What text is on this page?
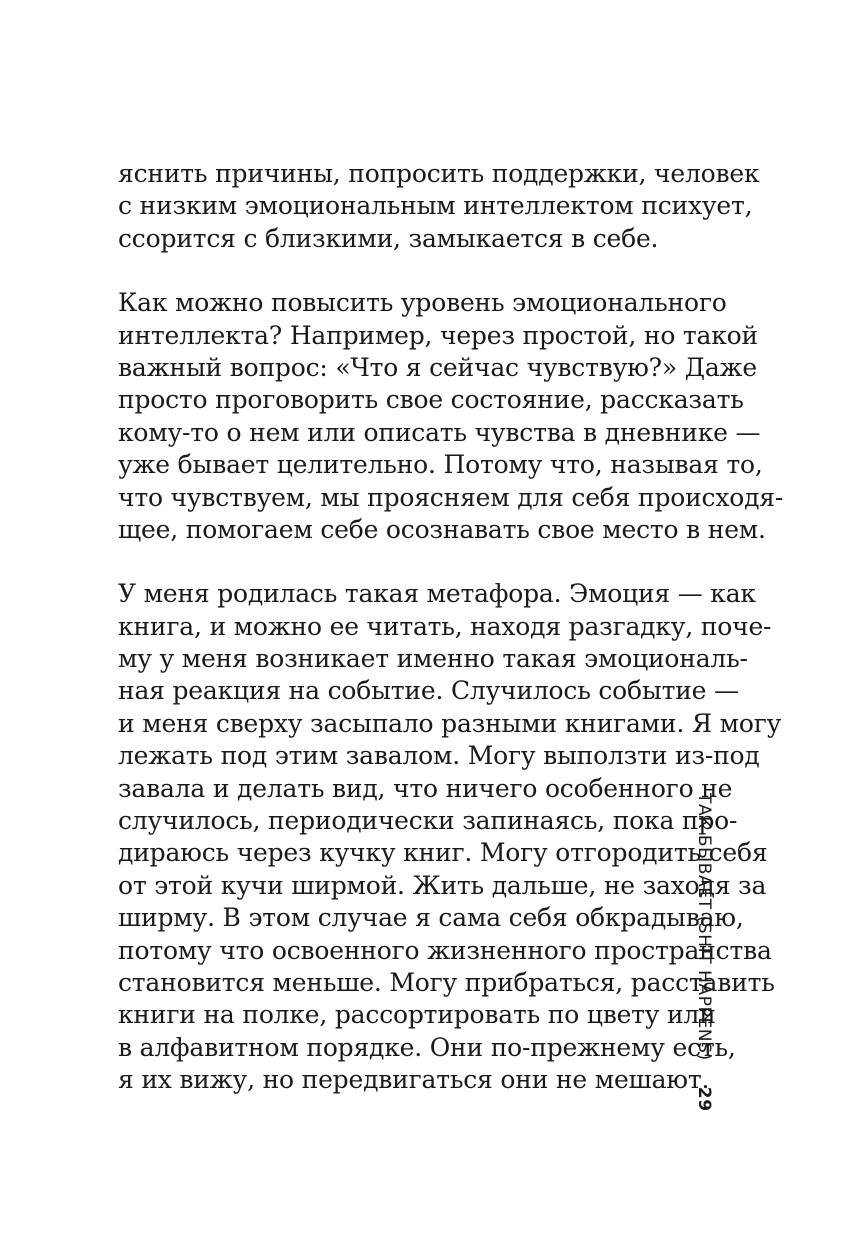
яснить причины, попросить поддержки, человек
с низким эмоциональным интеллектом психует,
ссорится с близкими, замыкается в себе.

Как можно повысить уровень эмоционального
интеллекта? Например, через простой, но такой
важный вопрос: «Что я сейчас чувствую?» Даже
просто проговорить свое состояние, рассказать
кому-то о нем или описать чувства в дневнике —
уже бывает целительно. Потому что, называя то,
что чувствуем, мы проясняем для себя происходя-
щее, помогаем себе осознавать свое место в нем.

У меня родилась такая метафора. Эмоция — как
книга, и можно ее читать, находя разгадку, поче-
му у меня возникает именно такая эмоциональ-
ная реакция на событие. Случилось событие —
и меня сверху засыпало разными книгами. Я могу
лежать под этим завалом. Могу выползти из-под
завала и делать вид, что ничего особенного не
случилось, периодически запинаясь, пока про-
дираюсь через кучку книг. Могу отгородить себя
от этой кучи ширмой. Жить дальше, не заходя за
ширму. В этом случае я сама себя обкрадываю,
потому что освоенного жизненного пространства
становится меньше. Могу прибраться, расставить
книги на полке, рассортировать по цвету или
в алфавитном порядке. Они по-прежнему есть,
я их вижу, но передвигаться они не мешают.

ТАК БЫВАЕТ (SHIT HAPPENS)
29
